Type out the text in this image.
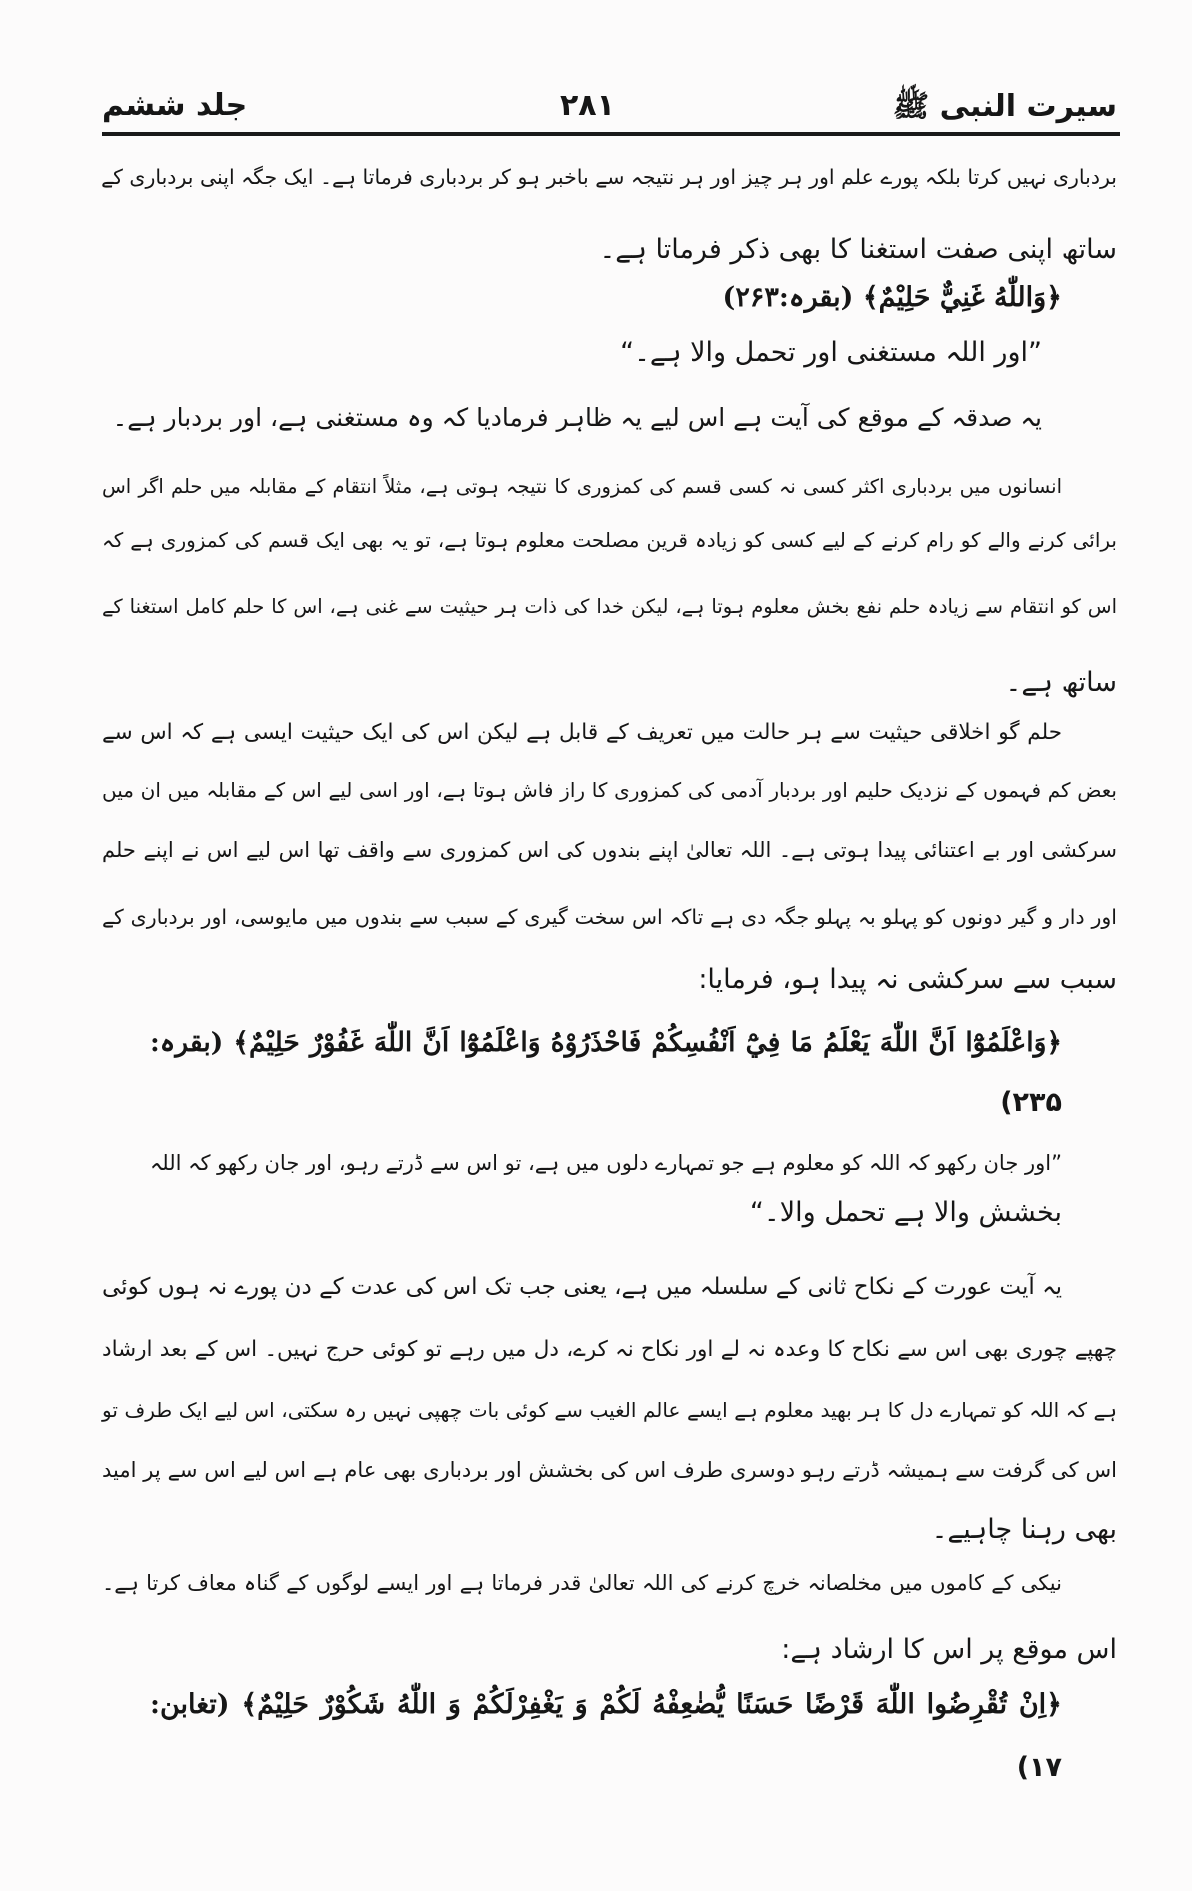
سیرت النبی ﷺ
۲۸۱
جلد ششم
بردباری نہیں کرتا بلکہ پورے علم اور ہر چیز اور ہر نتیجہ سے باخبر ہو کر بردباری فرماتا ہے۔ ایک جگہ اپنی بردباری کے
ساتھ اپنی صفت استغنا کا بھی ذکر فرماتا ہے۔
﴿وَاللّٰهُ غَنِيٌّ حَلِيْمٌ﴾ (بقرہ:۲۶۳)
”اور اللہ مستغنی اور تحمل والا ہے۔“
یہ صدقہ کے موقع کی آیت ہے اس لیے یہ ظاہر فرمادیا کہ وہ مستغنی ہے، اور بردبار ہے۔
انسانوں میں بردباری اکثر کسی نہ کسی قسم کی کمزوری کا نتیجہ ہوتی ہے، مثلاً انتقام کے مقابلہ میں حلم اگر اس
برائی کرنے والے کو رام کرنے کے لیے کسی کو زیادہ قرین مصلحت معلوم ہوتا ہے، تو یہ بھی ایک قسم کی کمزوری ہے کہ
اس کو انتقام سے زیادہ حلم نفع بخش معلوم ہوتا ہے، لیکن خدا کی ذات ہر حیثیت سے غنی ہے، اس کا حلم کامل استغنا کے
ساتھ ہے۔
حلم گو اخلاقی حیثیت سے ہر حالت میں تعریف کے قابل ہے لیکن اس کی ایک حیثیت ایسی ہے کہ اس سے
بعض کم فہموں کے نزدیک حلیم اور بردبار آدمی کی کمزوری کا راز فاش ہوتا ہے، اور اسی لیے اس کے مقابلہ میں ان میں
سرکشی اور بے اعتنائی پیدا ہوتی ہے۔ اللہ تعالیٰ اپنے بندوں کی اس کمزوری سے واقف تھا اس لیے اس نے اپنے حلم
اور دار و گیر دونوں کو پہلو بہ پہلو جگہ دی ہے تاکہ اس سخت گیری کے سبب سے بندوں میں مایوسی، اور بردباری کے
سبب سے سرکشی نہ پیدا ہو، فرمایا:
﴿وَاعْلَمُوْٓا اَنَّ اللّٰهَ يَعْلَمُ مَا فِيْٓ اَنْفُسِكُمْ فَاحْذَرُوْهُ وَاعْلَمُوْٓا اَنَّ اللّٰهَ غَفُوْرٌ حَلِيْمٌ﴾ (بقرہ:
۲۳۵)
”اور جان رکھو کہ اللہ کو معلوم ہے جو تمہارے دلوں میں ہے، تو اس سے ڈرتے رہو، اور جان رکھو کہ اللہ
بخشش والا ہے تحمل والا۔“
یہ آیت عورت کے نکاح ثانی کے سلسلہ میں ہے، یعنی جب تک اس کی عدت کے دن پورے نہ ہوں کوئی
چھپے چوری بھی اس سے نکاح کا وعدہ نہ لے اور نکاح نہ کرے، دل میں رہے تو کوئی حرج نہیں۔ اس کے بعد ارشاد
ہے کہ اللہ کو تمہارے دل کا ہر بھید معلوم ہے ایسے عالم الغیب سے کوئی بات چھپی نہیں رہ سکتی، اس لیے ایک طرف تو
اس کی گرفت سے ہمیشہ ڈرتے رہو دوسری طرف اس کی بخشش اور بردباری بھی عام ہے اس لیے اس سے پر امید
بھی رہنا چاہیے۔
نیکی کے کاموں میں مخلصانہ خرچ کرنے کی اللہ تعالیٰ قدر فرماتا ہے اور ایسے لوگوں کے گناہ معاف کرتا ہے۔
اس موقع پر اس کا ارشاد ہے:
﴿اِنْ تُقْرِضُوا اللّٰهَ قَرْضًا حَسَنًا يُّضٰعِفْهُ لَكُمْ وَ يَغْفِرْلَكُمْ وَ اللّٰهُ شَكُوْرٌ حَلِيْمٌ﴾ (تغابن:
۱۷)
